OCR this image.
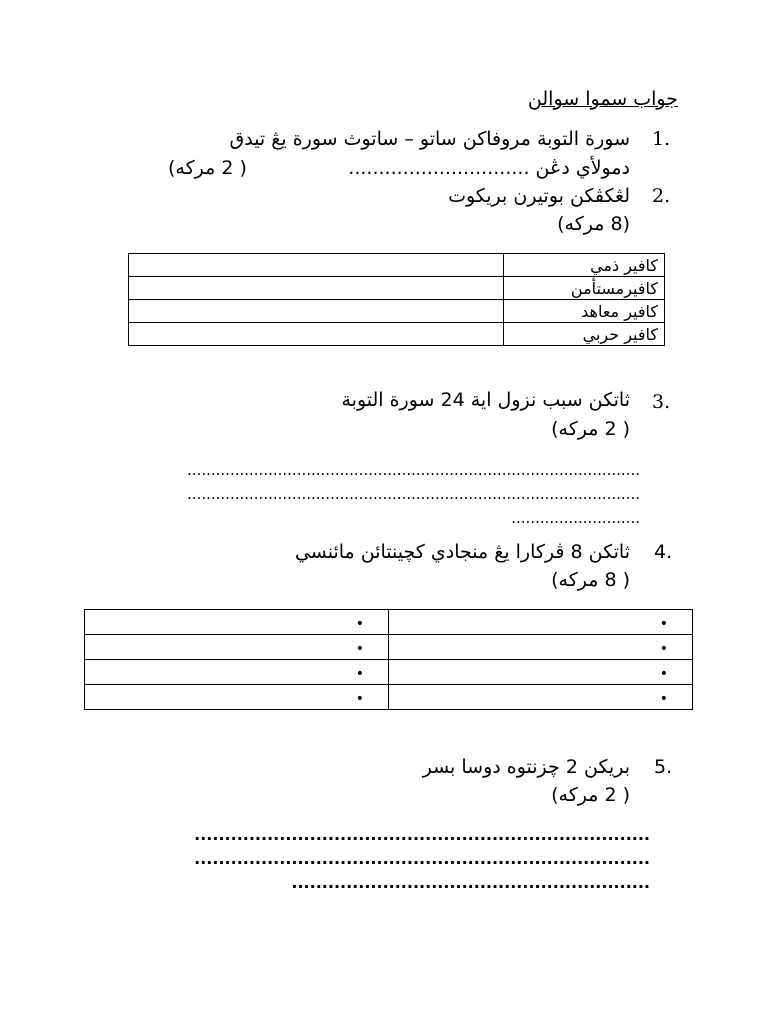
جواب سموا سوالن
1.
سورة التوبة مروفاكن ساتو – ساتوث سورة يڠ تيدق
دمولأي دڠن ..............................
( 2 مركه)
2.
لڠكڤكن بوتيرن بريكوت
(8 مركه)
	كافير ذمي
	كافيرمستأمن
	كافير معاهد
	كافير حربي
3.
ثاتكن سبب نزول اية 24 سورة التوبة
( 2 مركه)
...............................................................................................
...............................................................................................
...........................
4.
ثاتكن 8 ڤركارا يڠ منجادي كچينتائن مائنسي
( 8 مركه)
•	•
•	•
•	•
•	•
5.
بريكن 2 چزنتوه دوسا بسر
( 2 مركه)
...........................................................................
...........................................................................
...........................................................
